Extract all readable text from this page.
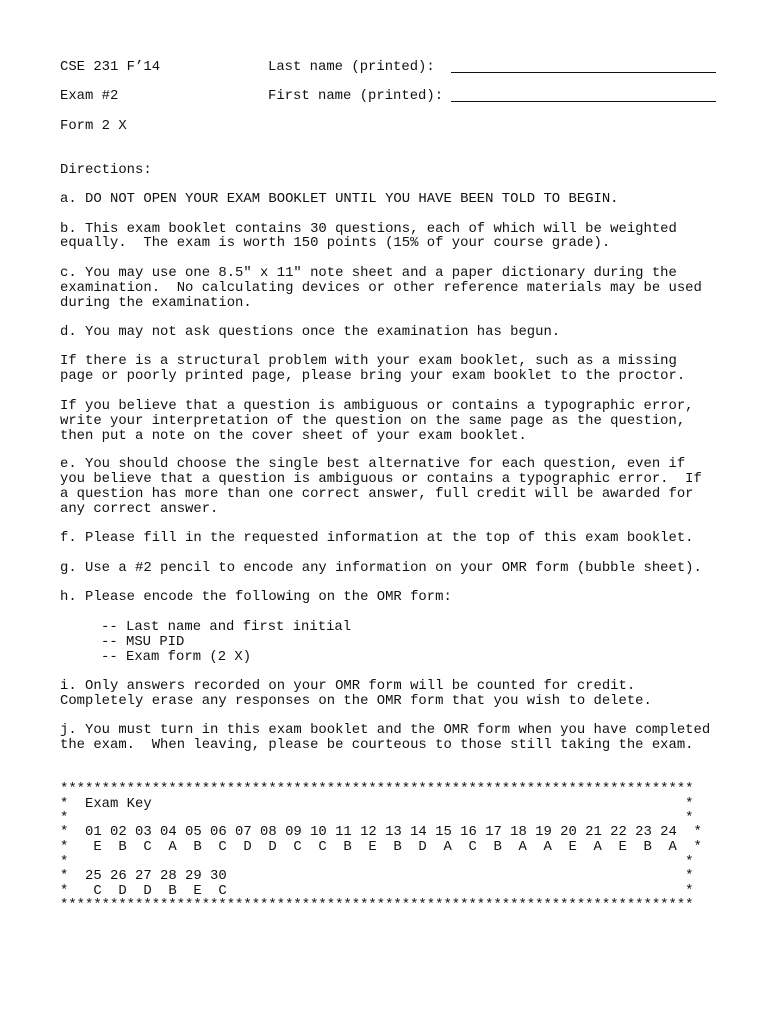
CSE 231 F’14	Last name (printed):
Exam #2	First name (printed):
Form 2 X
Directions:
a. DO NOT OPEN YOUR EXAM BOOKLET UNTIL YOU HAVE BEEN TOLD TO BEGIN.
b. This exam booklet contains 30 questions, each of which will be weighted
equally.  The exam is worth 150 points (15% of your course grade).
c. You may use one 8.5" x 11" note sheet and a paper dictionary during the
examination.  No calculating devices or other reference materials may be used
during the examination.
d. You may not ask questions once the examination has begun.
If there is a structural problem with your exam booklet, such as a missing
page or poorly printed page, please bring your exam booklet to the proctor.
If you believe that a question is ambiguous or contains a typographic error,
write your interpretation of the question on the same page as the question,
then put a note on the cover sheet of your exam booklet.
e. You should choose the single best alternative for each question, even if
you believe that a question is ambiguous or contains a typographic error.  If
a question has more than one correct answer, full credit will be awarded for
any correct answer.
f. Please fill in the requested information at the top of this exam booklet.
g. Use a #2 pencil to encode any information on your OMR form (bubble sheet).
h. Please encode the following on the OMR form:
-- Last name and first initial
-- MSU PID
-- Exam form (2 X)
i. Only answers recorded on your OMR form will be counted for credit.
Completely erase any responses on the OMR form that you wish to delete.
j. You must turn in this exam booklet and the OMR form when you have completed
the exam.  When leaving, please be courteous to those still taking the exam.
****************************************************************************
*  Exam Key                                                                *
*                                                                          *
*  01 02 03 04 05 06 07 08 09 10 11 12 13 14 15 16 17 18 19 20 21 22 23 24  *
*   E  B  C  A  B  C  D  D  C  C  B  E  B  D  A  C  B  A  A  E  A  E  B  A  *
*                                                                          *
*  25 26 27 28 29 30                                                       *
*   C  D  D  B  E  C                                                       *
****************************************************************************
